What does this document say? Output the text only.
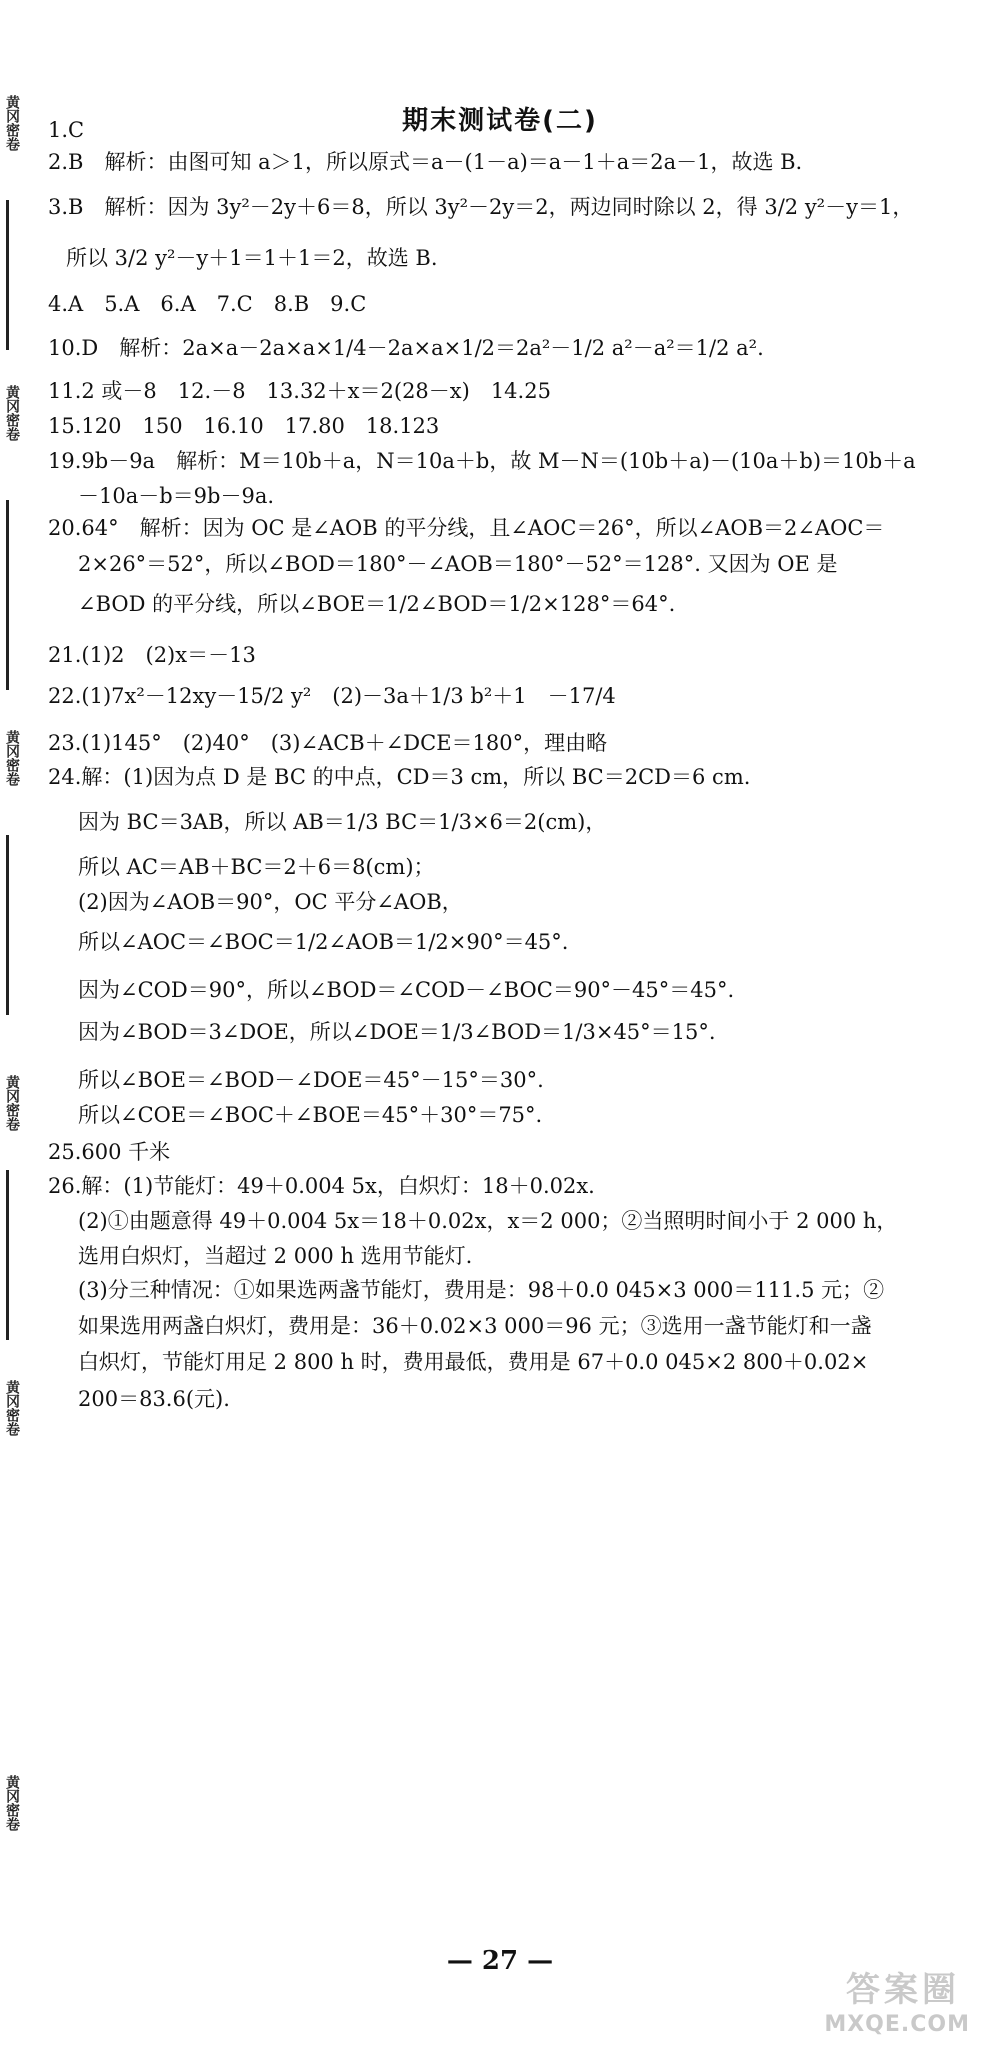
期末测试卷(二)
1.C
2.B　解析：由图可知 a＞1，所以原式＝a－(1－a)＝a－1＋a＝2a－1，故选 B.
3.B　解析：因为 3y²－2y＋6＝8，所以 3y²－2y＝2，两边同时除以 2，得 3/2 y²－y＝1，
所以 3/2 y²－y＋1＝1＋1＝2，故选 B.
4.A　5.A　6.A　7.C　8.B　9.C
10.D　解析：2a×a－2a×a×1/4－2a×a×1/2＝2a²－1/2 a²－a²＝1/2 a².
11.2 或－8　12.－8　13.32＋x＝2(28－x)　14.25
15.120　150　16.10　17.80　18.123
19.9b－9a　解析：M＝10b＋a，N＝10a＋b，故 M－N＝(10b＋a)－(10a＋b)＝10b＋a
－10a－b＝9b－9a.
20.64°　解析：因为 OC 是∠AOB 的平分线，且∠AOC＝26°，所以∠AOB＝2∠AOC＝
2×26°＝52°，所以∠BOD＝180°－∠AOB＝180°－52°＝128°. 又因为 OE 是
∠BOD 的平分线，所以∠BOE＝1/2∠BOD＝1/2×128°＝64°.
21.(1)2　(2)x＝－13
22.(1)7x²－12xy－15/2 y²　(2)－3a＋1/3 b²＋1　－17/4
23.(1)145°　(2)40°　(3)∠ACB＋∠DCE＝180°，理由略
24.解：(1)因为点 D 是 BC 的中点，CD＝3 cm，所以 BC＝2CD＝6 cm.
因为 BC＝3AB，所以 AB＝1/3 BC＝1/3×6＝2(cm)，
所以 AC＝AB＋BC＝2＋6＝8(cm)；
(2)因为∠AOB＝90°，OC 平分∠AOB，
所以∠AOC＝∠BOC＝1/2∠AOB＝1/2×90°＝45°.
因为∠COD＝90°，所以∠BOD＝∠COD－∠BOC＝90°－45°＝45°.
因为∠BOD＝3∠DOE，所以∠DOE＝1/3∠BOD＝1/3×45°＝15°.
所以∠BOE＝∠BOD－∠DOE＝45°－15°＝30°.
所以∠COE＝∠BOC＋∠BOE＝45°＋30°＝75°.
25.600 千米
26.解：(1)节能灯：49＋0.004 5x，白炽灯：18＋0.02x.
(2)①由题意得 49＋0.004 5x＝18＋0.02x，x＝2 000；②当照明时间小于 2 000 h，
选用白炽灯，当超过 2 000 h 选用节能灯.
(3)分三种情况：①如果选两盏节能灯，费用是：98＋0.0 045×3 000＝111.5 元；②
如果选用两盏白炽灯，费用是：36＋0.02×3 000＝96 元；③选用一盏节能灯和一盏
白炽灯，节能灯用足 2 800 h 时，费用最低，费用是 67＋0.0 045×2 800＋0.02×
200＝83.6(元).
黄冈密卷
黄冈密卷
黄冈密卷
黄冈密卷
黄冈密卷
黄冈密卷
— 27 —
答案圈
MXQE.COM
